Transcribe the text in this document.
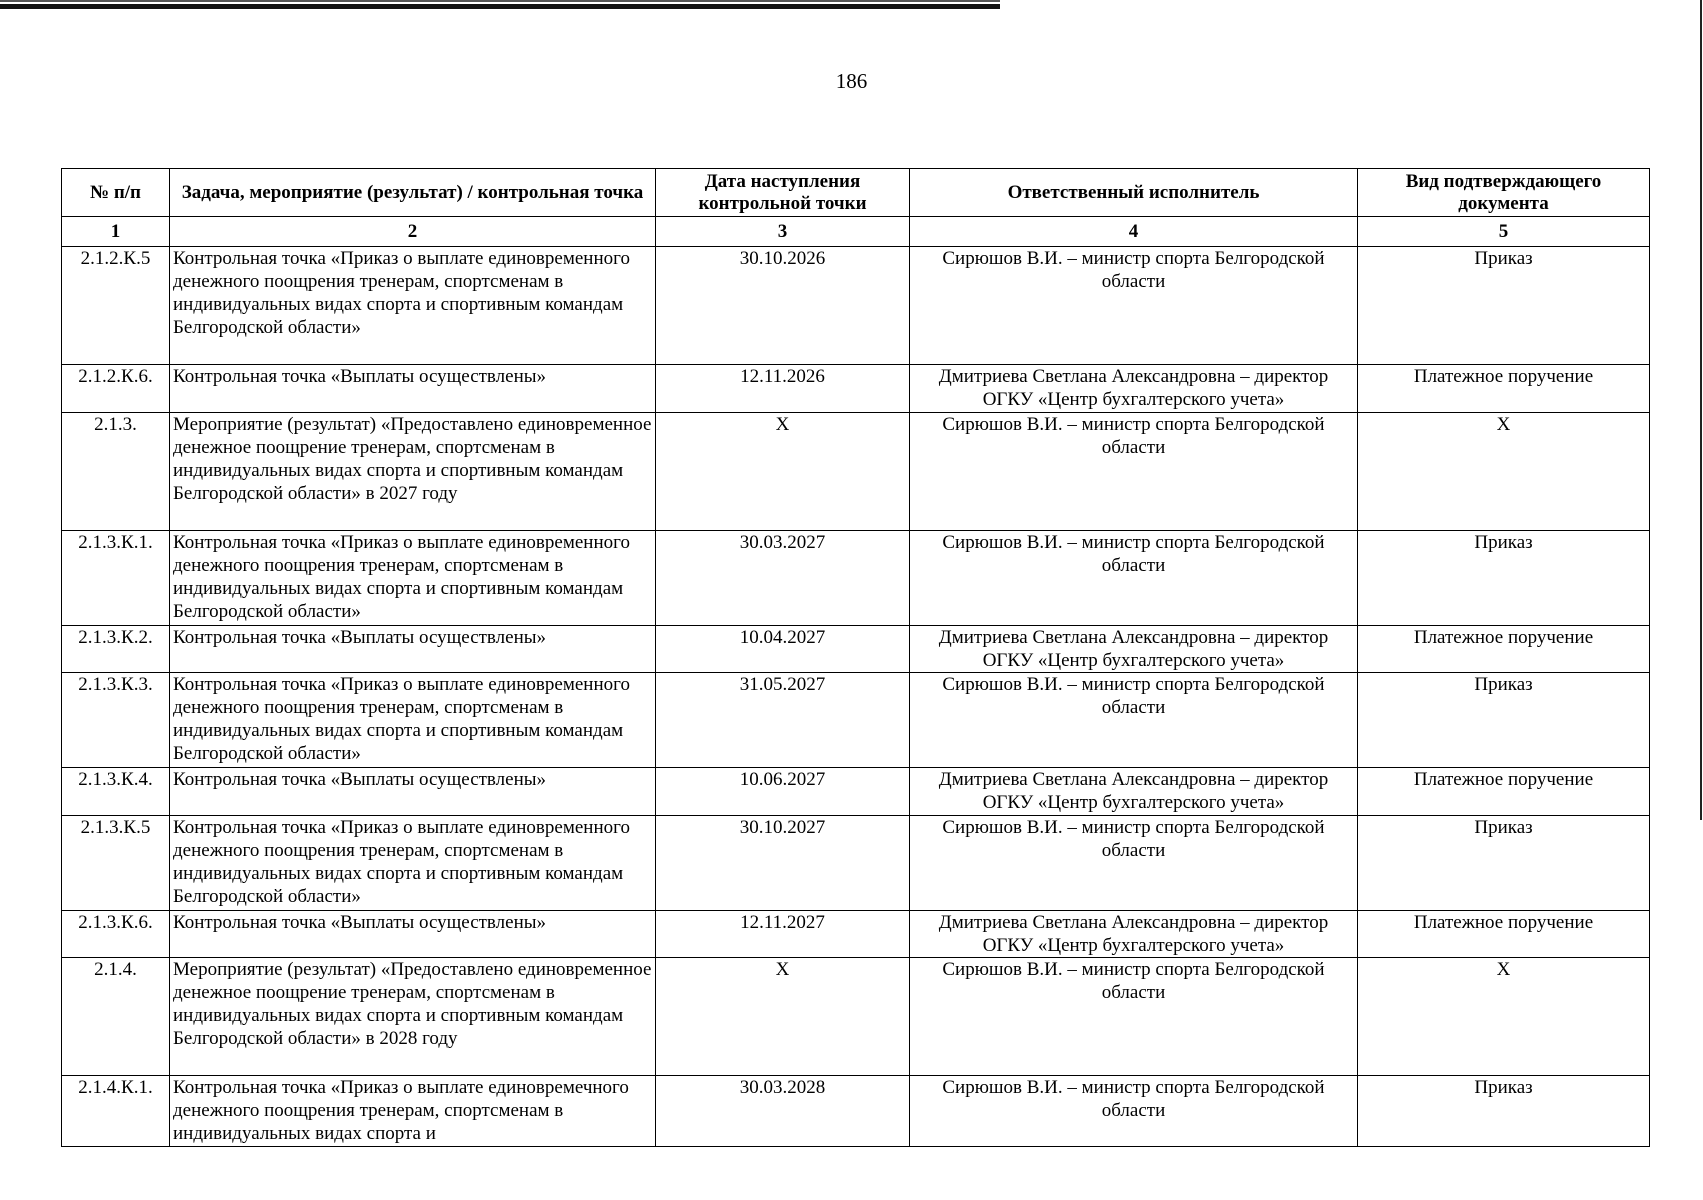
186
№ п/п	Задача, мероприятие (результат) / контрольная точка	Дата наступления контрольной точки	Ответственный исполнитель	Вид подтверждающего документа
1	2	3	4	5
2.1.2.К.5	Контрольная точка «Приказ о выплате единовременного денежного поощрения тренерам, спортсменам в индивидуальных видах спорта и спортивным командам Белгородской области»	30.10.2026	Сирюшов В.И. – министр спорта Белгородской области	Приказ
2.1.2.К.6.	Контрольная точка «Выплаты осуществлены»	12.11.2026	Дмитриева Светлана Александровна – директор ОГКУ «Центр бухгалтерского учета»	Платежное поручение
2.1.3.	Мероприятие (результат) «Предоставлено единовременное денежное поощрение тренерам, спортсменам в индивидуальных видах спорта и спортивным командам Белгородской области» в 2027 году	Х	Сирюшов В.И. – министр спорта Белгородской области	Х
2.1.3.К.1.	Контрольная точка «Приказ о выплате единовременного денежного поощрения тренерам, спортсменам в индивидуальных видах спорта и спортивным командам Белгородской области»	30.03.2027	Сирюшов В.И. – министр спорта Белгородской области	Приказ
2.1.3.К.2.	Контрольная точка «Выплаты осуществлены»	10.04.2027	Дмитриева Светлана Александровна – директор ОГКУ «Центр бухгалтерского учета»	Платежное поручение
2.1.3.К.3.	Контрольная точка «Приказ о выплате единовременного денежного поощрения тренерам, спортсменам в индивидуальных видах спорта и спортивным командам Белгородской области»	31.05.2027	Сирюшов В.И. – министр спорта Белгородской области	Приказ
2.1.3.К.4.	Контрольная точка «Выплаты осуществлены»	10.06.2027	Дмитриева Светлана Александровна – директор ОГКУ «Центр бухгалтерского учета»	Платежное поручение
2.1.3.К.5	Контрольная точка «Приказ о выплате единовременного денежного поощрения тренерам, спортсменам в индивидуальных видах спорта и спортивным командам Белгородской области»	30.10.2027	Сирюшов В.И. – министр спорта Белгородской области	Приказ
2.1.3.К.6.	Контрольная точка «Выплаты осуществлены»	12.11.2027	Дмитриева Светлана Александровна – директор ОГКУ «Центр бухгалтерского учета»	Платежное поручение
2.1.4.	Мероприятие (результат) «Предоставлено единовременное денежное поощрение тренерам, спортсменам в индивидуальных видах спорта и спортивным командам Белгородской области» в 2028 году	Х	Сирюшов В.И. – министр спорта Белгородской области	Х
2.1.4.К.1.	Контрольная точка «Приказ о выплате единовремечного денежного поощрения тренерам, спортсменам в индивидуальных видах спорта и	30.03.2028	Сирюшов В.И. – министр спорта Белгородской области	Приказ
